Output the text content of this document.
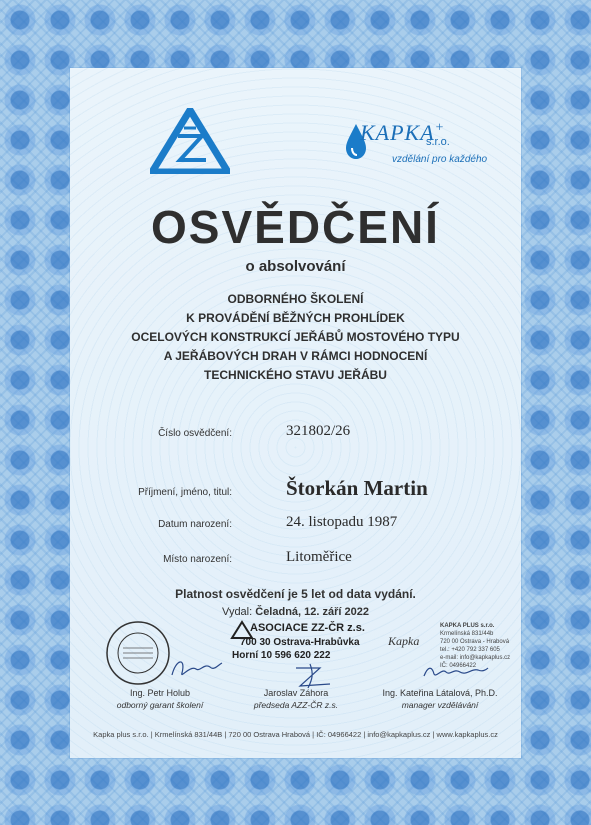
®
KAPKA+
s.r.o.
vzdělání pro každého
OSVĚDČENÍ
o absolvování
ODBORNÉHO ŠKOLENÍ
K PROVÁDĚNÍ BĚŽNÝCH PROHLÍDEK
OCELOVÝCH KONSTRUKCÍ JEŘÁBŮ MOSTOVÉHO TYPU
A JEŘÁBOVÝCH DRAH V RÁMCI HODNOCENÍ
TECHNICKÉHO STAVU JEŘÁBU
Číslo osvědčení:	321802/26
Příjmení, jméno, titul:	Štorkán Martin
Datum narození:	24. listopadu 1987
Místo narození:	Litoměřice
Platnost osvědčení je 5 let od data vydání.
Vydal: Čeladná, 12. září 2022
ASOCIACE ZZ-ČR z.s.
700 30 Ostrava-Hrabůvka
Horní 10 596 620 222
Kapka
KAPKA PLUS s.r.o.
Krmelínská 831/44b
720 00 Ostrava - Hrabová
tel.: +420 792 337 605
e-mail: info@kapkaplus.cz
IČ: 04966422
Ing. Petr Holub
odborný garant školení
Jaroslav Záhora
předseda AZZ-ČR z.s.
Ing. Kateřina Látalová, Ph.D.
manager vzdělávání
Kapka plus s.r.o. | Krmelínská 831/44B | 720 00 Ostrava Hrabová | IČ: 04966422 | info@kapkaplus.cz | www.kapkaplus.cz
